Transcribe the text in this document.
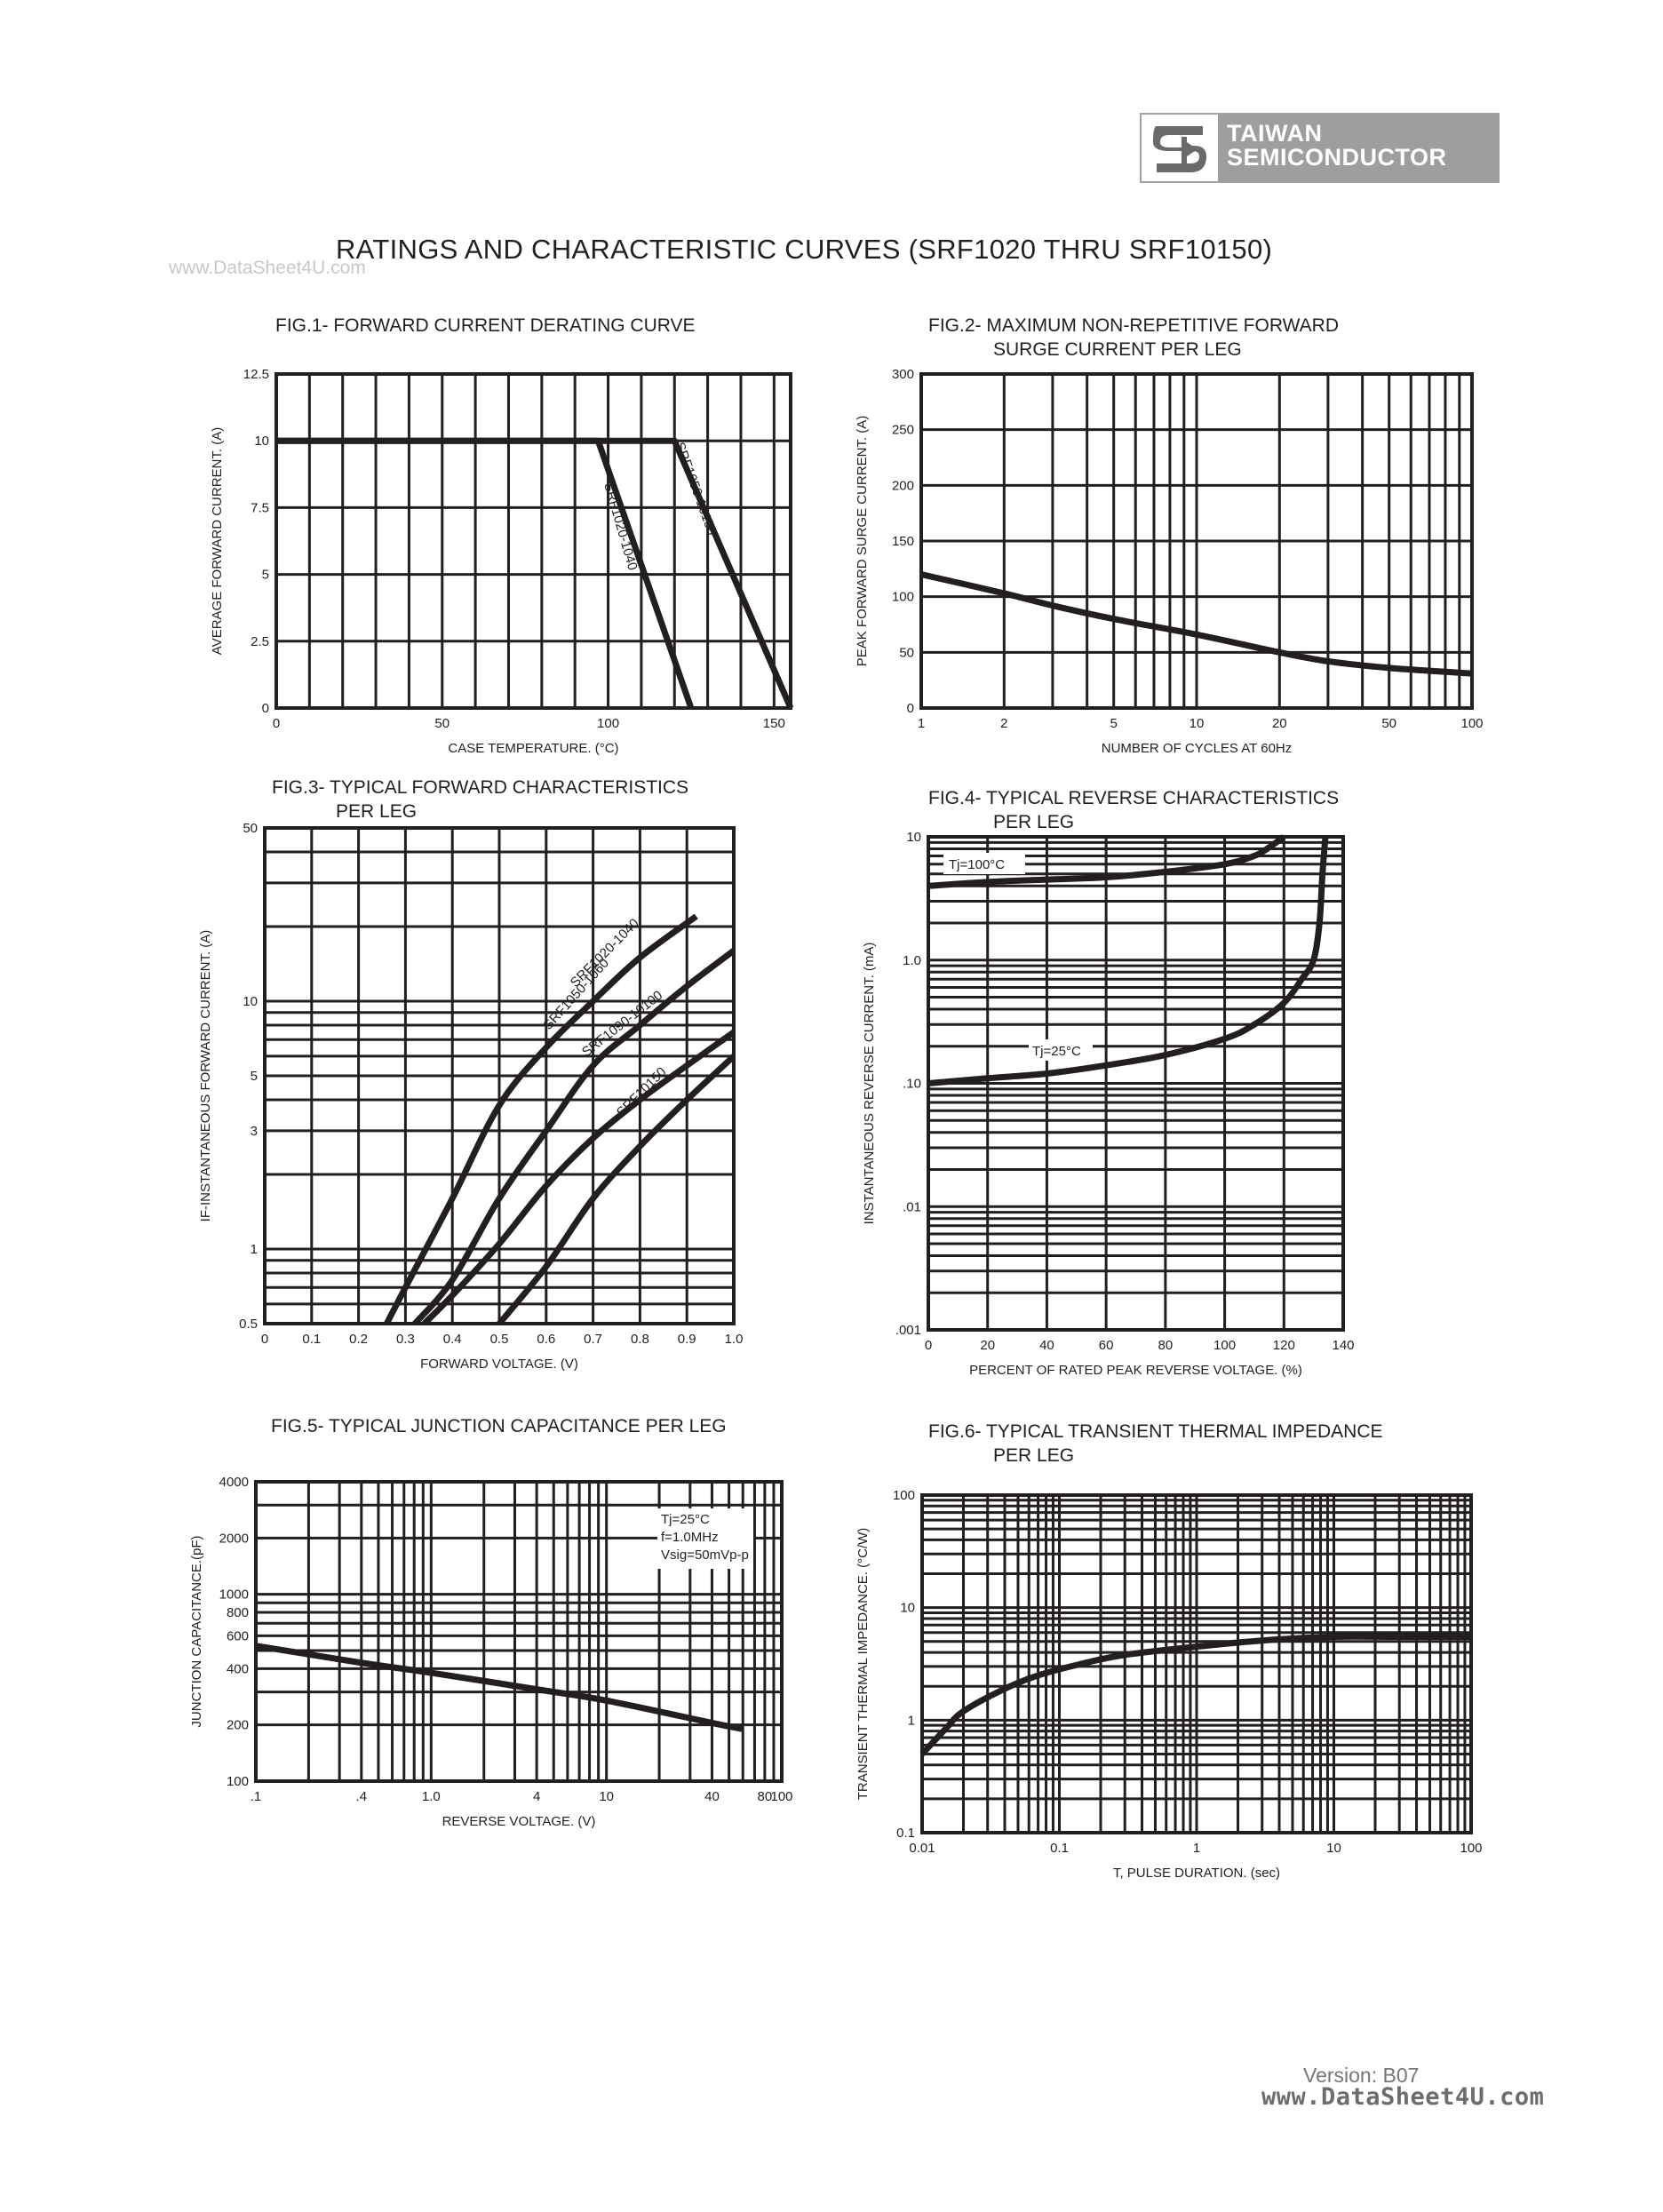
TAIWAN
SEMICONDUCTOR
RATINGS AND CHARACTERISTIC CURVES (SRF1020 THRU SRF10150)
www.DataSheet4U.com
FIG.1- FORWARD CURRENT DERATING CURVE
0	50	100	150
0
2.5
5
7.5
10
12.5
CASE TEMPERATURE. (°C)
AVERAGE FORWARD CURRENT. (A)	SRF1020-1040 SRF1050-10150
FIG.2- MAXIMUM NON-REPETITIVE FORWARD
SURGE CURRENT PER LEG
1	2	5	10	20	50	100
0
50
100
150
200
250
300
NUMBER OF CYCLES AT 60Hz
PEAK FORWARD SURGE CURRENT. (A)
FIG.3- TYPICAL FORWARD CHARACTERISTICS
PER LEG
0	0.1 0.2 0.3 0.4 0.5 0.6 0.7 0.8 0.9 1.0
0.5
1
3
5
10
50
FORWARD VOLTAGE. (V)
IF-INSTANTANEOUS FORWARD CURRENT. (A)	SRF1020-1040
SRF1050-1060
SRF1090-10100
SRF10150
FIG.4- TYPICAL REVERSE CHARACTERISTICS
PER LEG
0	20	40	60	80	100	120	140
.001
.01
.10
1.0
10
PERCENT OF RATED PEAK REVERSE VOLTAGE. (%)
INSTANTANEOUS REVERSE CURRENT. (mA)
Tj=100°C
Tj=25°C
FIG.5- TYPICAL JUNCTION CAPACITANCE PER LEG
.1	.4	1.0	4	10	40	80
100
100
200
400
600
800
1000
2000
4000
REVERSE VOLTAGE. (V)
JUNCTION CAPACITANCE.(pF)
Tj=25°C
f=1.0MHz
Vsig=50mVp-p
FIG.6- TYPICAL TRANSIENT THERMAL IMPEDANCE
PER LEG
0.01	0.1	1	10	100
0.1
1
10
100
T, PULSE DURATION. (sec)
TRANSIENT THERMAL IMPEDANCE. (°C/W)
Version: B07
www.DataSheet4U.com
